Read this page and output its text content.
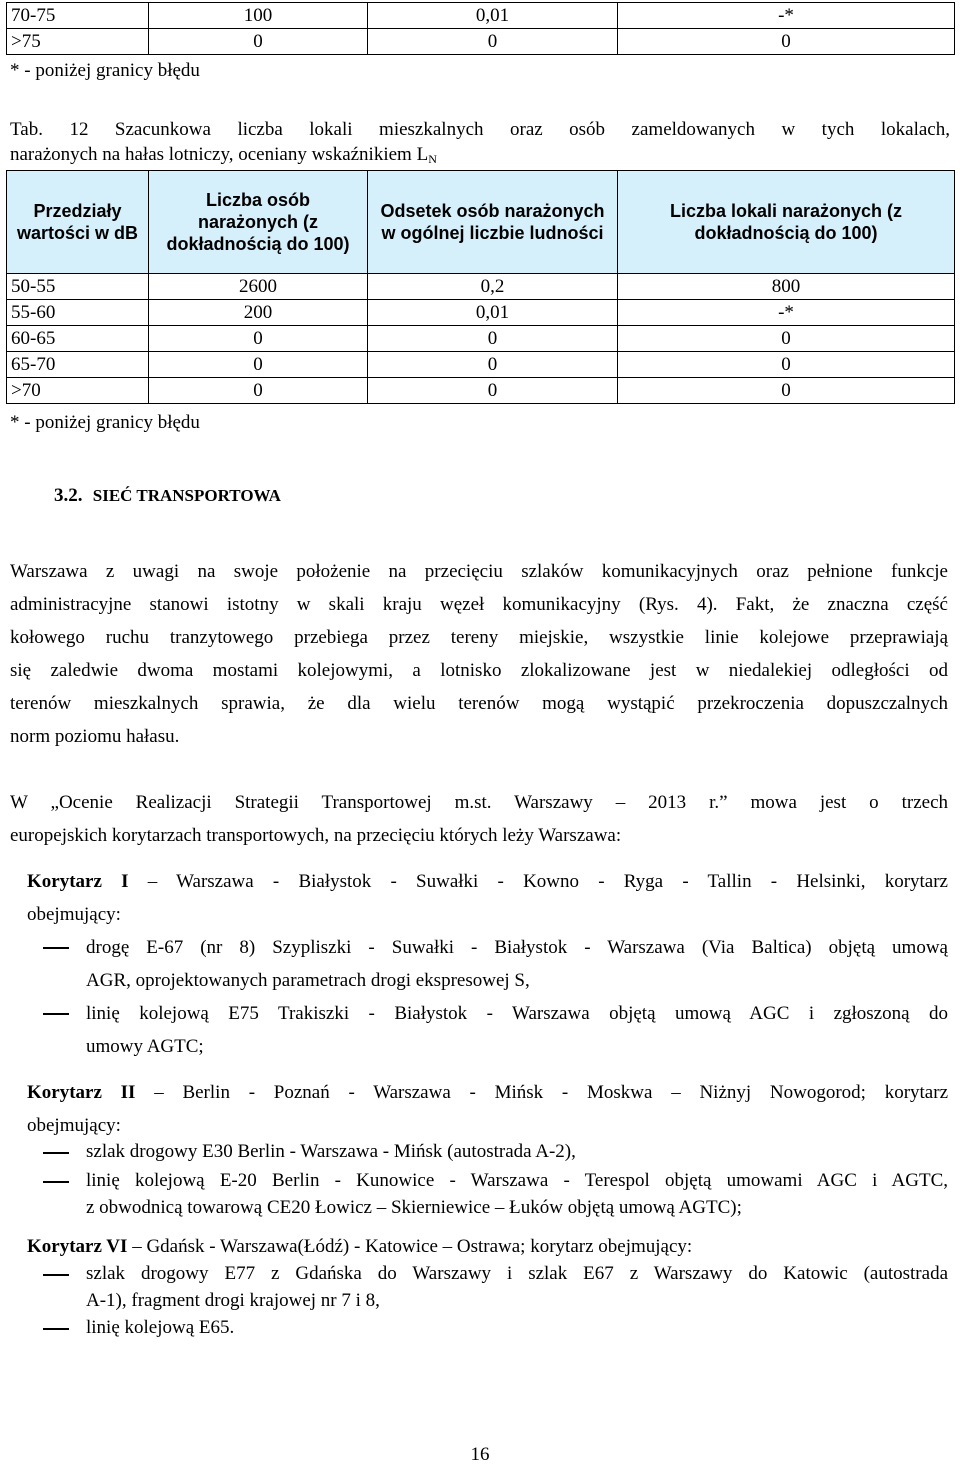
70-75	100	0,01	-*
>75	0	0	0
* - poniżej granicy błędu
Tab. 12 Szacunkowa liczba lokali mieszkalnych oraz osób zameldowanych w tych lokalach,
narażonych na hałas lotniczy, oceniany wskaźnikiem $L_N$
Przedziały wartości w dB	Liczba osób narażonych (z dokładnością do 100)	Odsetek osób narażonych w ogólnej liczbie ludności	Liczba lokali narażonych (z dokładnością do 100)
50-55	2600	0,2	800
55-60	200	0,01	-*
60-65	0	0	0
65-70	0	0	0
>70	0	0	0
* - poniżej granicy błędu
3.2. SIEĆ TRANSPORTOWA
Warszawa z uwagi na swoje położenie na przecięciu szlaków komunikacyjnych oraz pełnione funkcje
administracyjne stanowi istotny w skali kraju węzeł komunikacyjny (Rys. 4). Fakt, że znaczna część
kołowego ruchu tranzytowego przebiega przez tereny miejskie, wszystkie linie kolejowe przeprawiają
się zaledwie dwoma mostami kolejowymi, a lotnisko zlokalizowane jest w niedalekiej odległości od
terenów mieszkalnych sprawia, że dla wielu terenów mogą wystąpić przekroczenia dopuszczalnych
norm poziomu hałasu.
W „Ocenie Realizacji Strategii Transportowej m.st. Warszawy – 2013 r.” mowa jest o trzech
europejskich korytarzach transportowych, na przecięciu których leży Warszawa:
Korytarz I – Warszawa - Białystok - Suwałki - Kowno - Ryga - Tallin - Helsinki, korytarz
obejmujący:
drogę E-67 (nr 8) Szypliszki - Suwałki - Białystok - Warszawa (Via Baltica) objętą umową
AGR, oprojektowanych parametrach drogi ekspresowej S,
linię kolejową E75 Trakiszki - Białystok - Warszawa objętą umową AGC i zgłoszoną do
umowy AGTC;
Korytarz II – Berlin - Poznań - Warszawa - Mińsk - Moskwa – Niżnyj Nowogorod; korytarz
obejmujący:
szlak drogowy E30 Berlin - Warszawa - Mińsk (autostrada A-2),
linię kolejową E-20 Berlin - Kunowice - Warszawa - Terespol objętą umowami AGC i AGTC,
z obwodnicą towarową CE20 Łowicz – Skierniewice – Łuków objętą umową AGTC);
Korytarz VI – Gdańsk - Warszawa(Łódź) - Katowice – Ostrawa; korytarz obejmujący:
szlak drogowy E77 z Gdańska do Warszawy i szlak E67 z Warszawy do Katowic (autostrada
A-1), fragment drogi krajowej nr 7 i 8,
linię kolejową E65.
16
